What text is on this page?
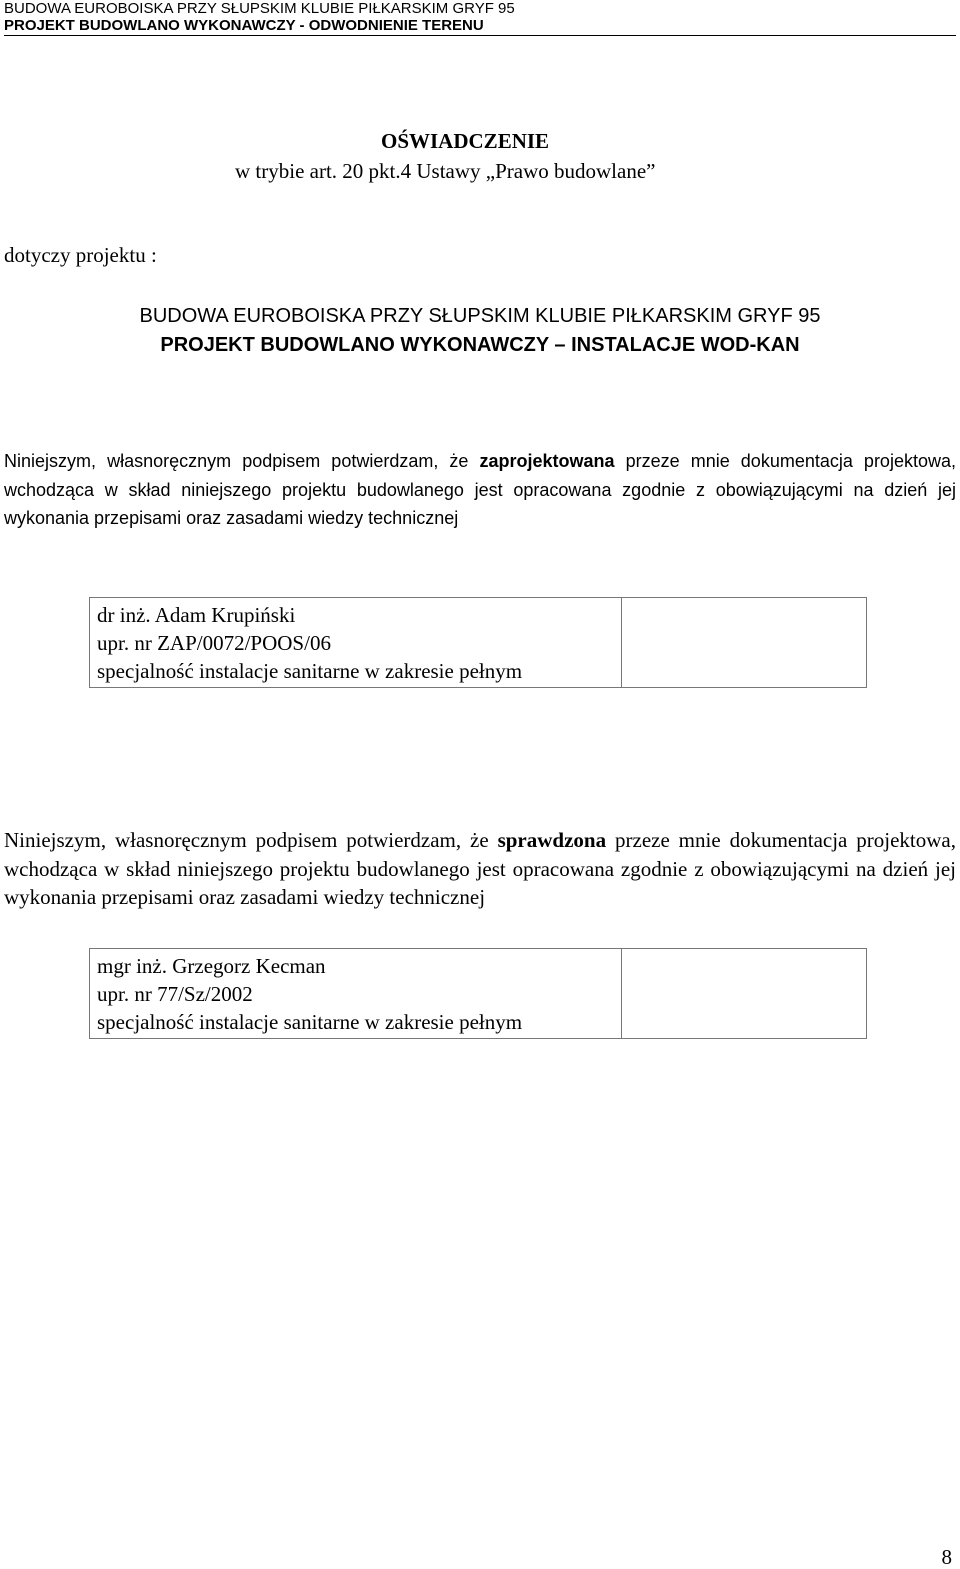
BUDOWA EUROBOISKA PRZY SŁUPSKIM KLUBIE PIŁKARSKIM GRYF 95
PROJEKT BUDOWLANO WYKONAWCZY - ODWODNIENIE TERENU
OŚWIADCZENIE
w trybie art. 20 pkt.4 Ustawy „Prawo budowlane”
dotyczy projektu :
BUDOWA EUROBOISKA PRZY SŁUPSKIM KLUBIE PIŁKARSKIM GRYF 95
PROJEKT BUDOWLANO WYKONAWCZY – INSTALACJE WOD-KAN

Niniejszym, własnoręcznym podpisem potwierdzam, że zaprojektowana przeze mnie dokumentacja projektowa, wchodząca w skład niniejszego projektu budowlanego jest opracowana zgodnie z obowiązującymi na dzień jej wykonania przepisami oraz zasadami wiedzy technicznej

dr inż. Adam Krupiński
upr. nr ZAP/0072/POOS/06
specjalność instalacje sanitarne w zakresie pełnym

Niniejszym, własnoręcznym podpisem potwierdzam, że sprawdzona przeze mnie dokumentacja projektowa, wchodząca w skład niniejszego projektu budowlanego jest opracowana zgodnie z obowiązującymi na dzień jej wykonania przepisami oraz zasadami wiedzy technicznej

mgr inż. Grzegorz Kecman
upr. nr 77/Sz/2002
specjalność instalacje sanitarne w zakresie pełnym

8
